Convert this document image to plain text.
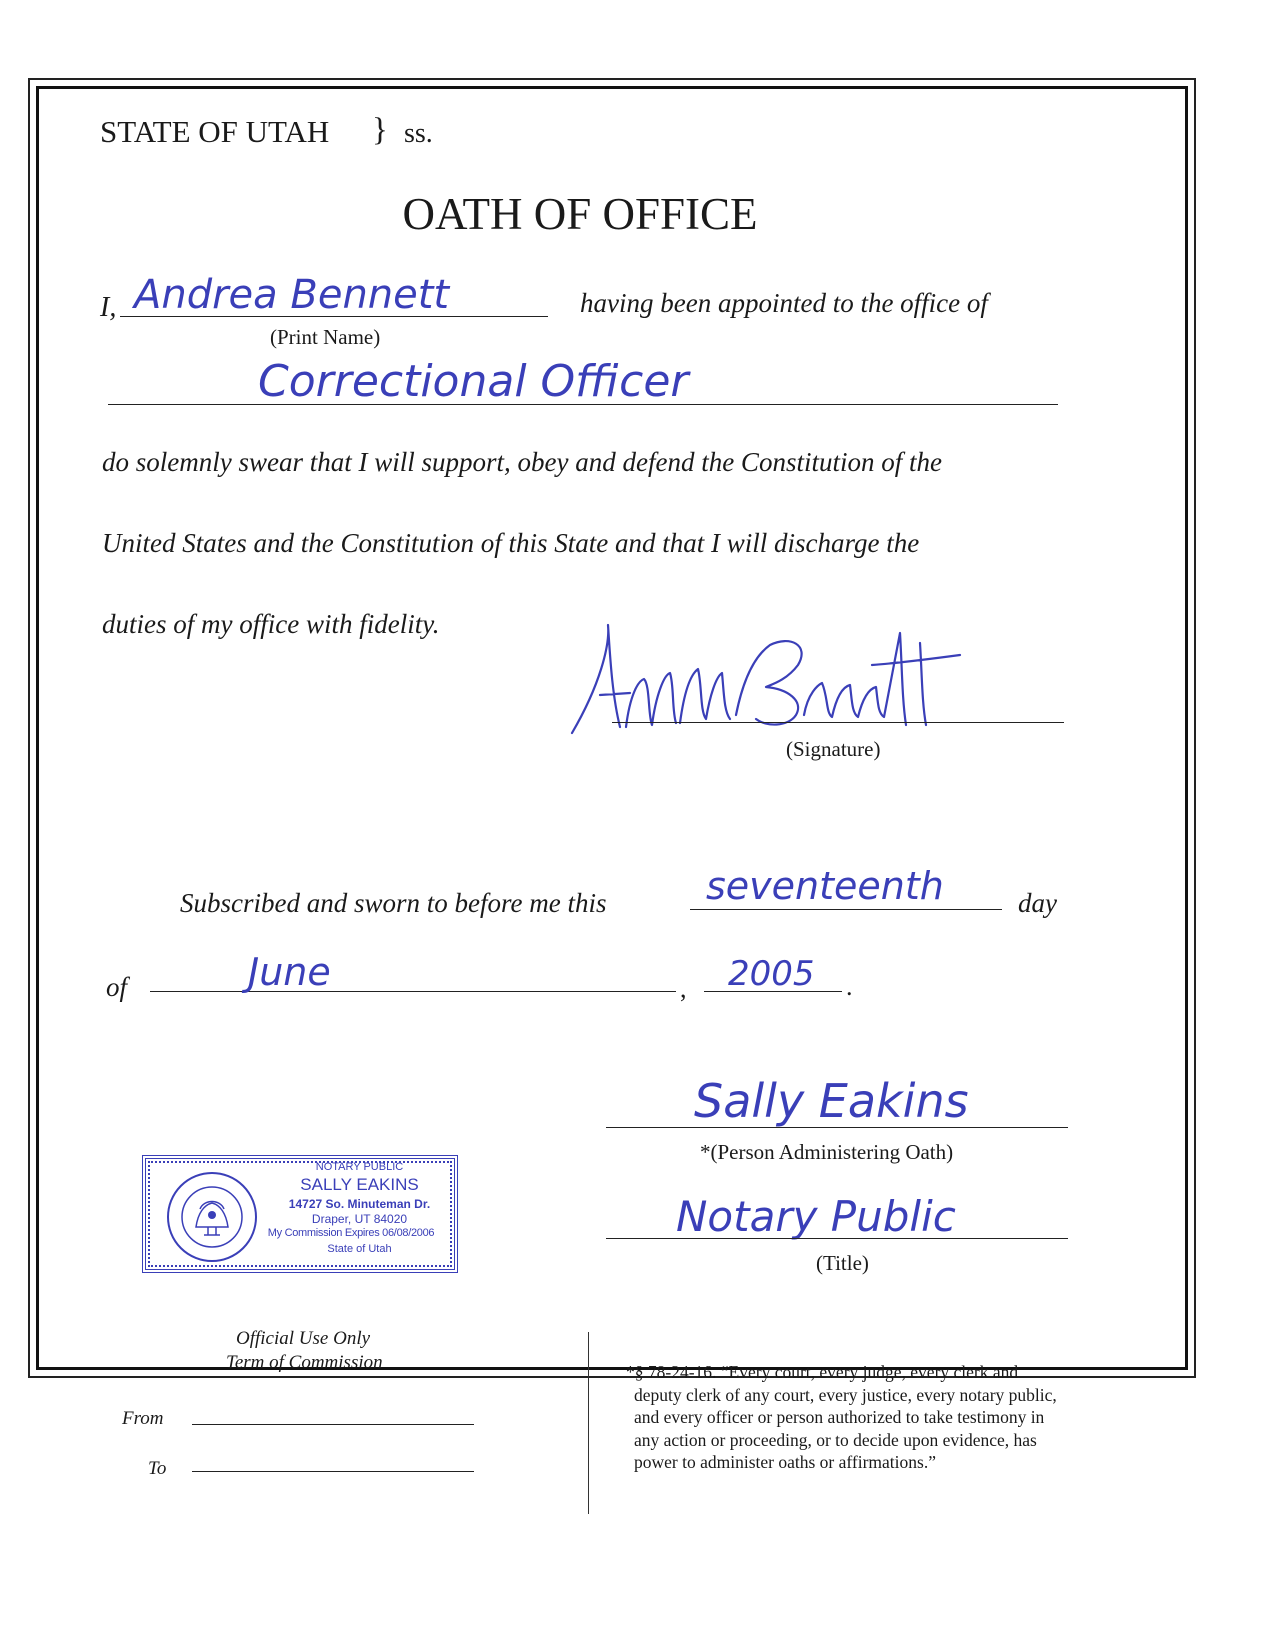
STATE OF UTAH } ss.
OATH OF OFFICE
I, Andrea Bennett
(Print Name)
having been appointed to the office of
Correctional Officer
do solemnly swear that I will support, obey and defend the Constitution of the
United States and the Constitution of this State and that I will discharge the
duties of my office with fidelity.
(Signature)
Subscribed and sworn to before me this	seventeenth	day
of	June	, 2005 .
NOTARY PUBLIC
SALLY EAKINS
14727 So. Minuteman Dr.
Draper, UT 84020
My Commission Expires 06/08/2006
State of Utah
Sally Eakins
*(Person Administering Oath)
Notary Public
(Title)
Official Use Only
Term of Commission
From
To
*§ 78-24-16. “Every court, every judge, every clerk and
deputy clerk of any court, every justice, every notary public,
and every officer or person authorized to take testimony in
any action or proceeding, or to decide upon evidence, has
power to administer oaths or affirmations.”
